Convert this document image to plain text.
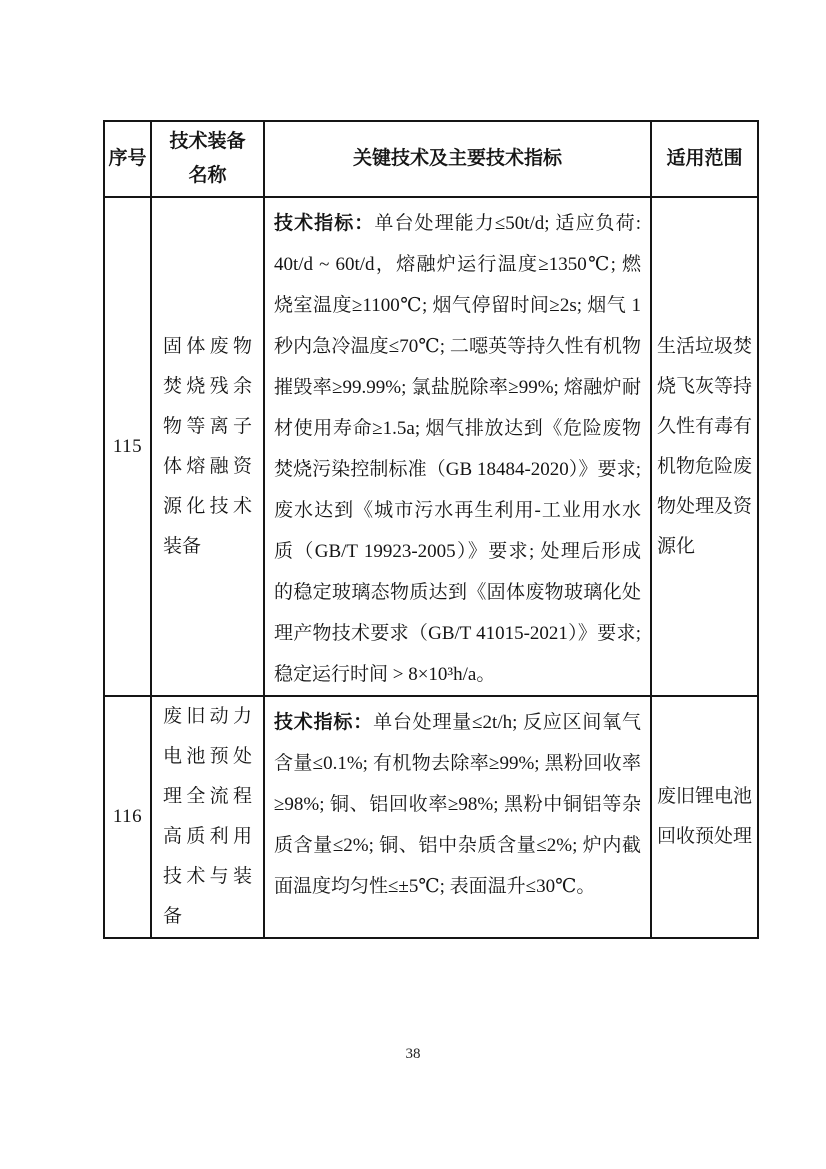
序号	技术装备名称	关键技术及主要技术指标	适用范围
115	固体废物焚烧残余物等离子体熔融资源化技术装备	技术指标：单台处理能力≤50t/d; 适应负荷: 40t/d ~ 60t/d，熔融炉运行温度≥1350℃; 燃烧室温度≥1100℃; 烟气停留时间≥2s; 烟气 1 秒内急冷温度≤70℃; 二噁英等持久性有机物摧毁率≥99.99%; 氯盐脱除率≥99%; 熔融炉耐材使用寿命≥1.5a; 烟气排放达到《危险废物焚烧污染控制标准（GB 18484-2020）》要求; 废水达到《城市污水再生利用-工业用水水质（GB/T 19923-2005）》要求; 处理后形成的稳定玻璃态物质达到《固体废物玻璃化处理产物技术要求（GB/T 41015-2021）》要求; 稳定运行时间 > 8×10³h/a。	生活垃圾焚烧飞灰等持久性有毒有机物危险废物处理及资源化
116	废旧动力电池预处理全流程高质利用技术与装备	技术指标：单台处理量≤2t/h; 反应区间氧气含量≤0.1%; 有机物去除率≥99%; 黑粉回收率≥98%; 铜、铝回收率≥98%; 黑粉中铜铝等杂质含量≤2%; 铜、铝中杂质含量≤2%; 炉内截面温度均匀性≤±5℃; 表面温升≤30℃。	废旧锂电池回收预处理
38
